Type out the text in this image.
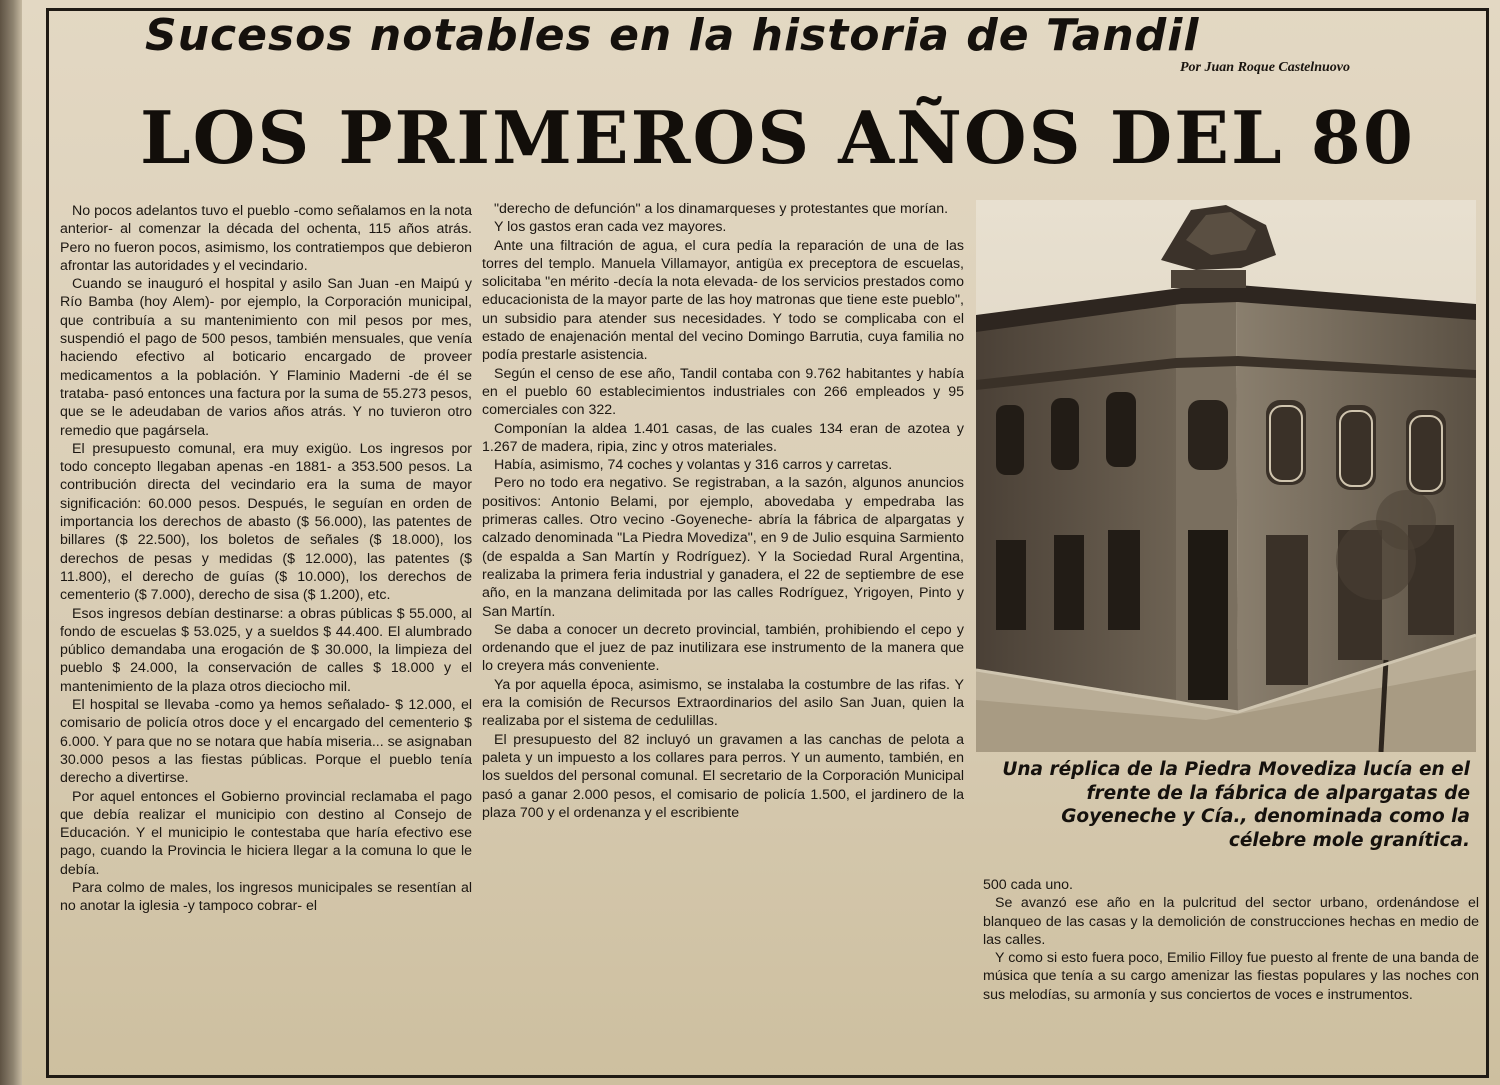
Sucesos notables en la historia de Tandil
Por Juan Roque Castelnuovo
LOS PRIMEROS AÑOS DEL 80

No pocos adelantos tuvo el pueblo -como señalamos en la nota anterior- al comenzar la década del ochenta, 115 años atrás. Pero no fueron pocos, asimismo, los contratiempos que debieron afrontar las autoridades y el vecindario.

Cuando se inauguró el hospital y asilo San Juan -en Maipú y Río Bamba (hoy Alem)- por ejemplo, la Corporación municipal, que contribuía a su mantenimiento con mil pesos por mes, suspendió el pago de 500 pesos, también mensuales, que venía haciendo efectivo al boticario encargado de proveer medicamentos a la población. Y Flaminio Maderni -de él se trataba- pasó entonces una factura por la suma de 55.273 pesos, que se le adeudaban de varios años atrás. Y no tuvieron otro remedio que pagársela.

El presupuesto comunal, era muy exigüo. Los ingresos por todo concepto llegaban apenas -en 1881- a 353.500 pesos. La contribución directa del vecindario era la suma de mayor significación: 60.000 pesos. Después, le seguían en orden de importancia los derechos de abasto ($ 56.000), las patentes de billares ($ 22.500), los boletos de señales ($ 18.000), los derechos de pesas y medidas ($ 12.000), las patentes ($ 11.800), el derecho de guías ($ 10.000), los derechos de cementerio ($ 7.000), derecho de sisa ($ 1.200), etc.

Esos ingresos debían destinarse: a obras públicas $ 55.000, al fondo de escuelas $ 53.025, y a sueldos $ 44.400. El alumbrado público demandaba una erogación de $ 30.000, la limpieza del pueblo $ 24.000, la conservación de calles $ 18.000 y el mantenimiento de la plaza otros dieciocho mil.

El hospital se llevaba -como ya hemos señalado- $ 12.000, el comisario de policía otros doce y el encargado del cementerio $ 6.000. Y para que no se notara que había miseria... se asignaban 30.000 pesos a las fiestas públicas. Porque el pueblo tenía derecho a divertirse.

Por aquel entonces el Gobierno provincial reclamaba el pago que debía realizar el municipio con destino al Consejo de Educación. Y el municipio le contestaba que haría efectivo ese pago, cuando la Provincia le hiciera llegar a la comuna lo que le debía.

Para colmo de males, los ingresos municipales se resentían al no anotar la iglesia -y tampoco cobrar- el

"derecho de defunción" a los dinamarqueses y protestantes que morían.

Y los gastos eran cada vez mayores.

Ante una filtración de agua, el cura pedía la reparación de una de las torres del templo. Manuela Villamayor, antigüa ex preceptora de escuelas, solicitaba "en mérito -decía la nota elevada- de los servicios prestados como educacionista de la mayor parte de las hoy matronas que tiene este pueblo", un subsidio para atender sus necesidades. Y todo se complicaba con el estado de enajenación mental del vecino Domingo Barrutia, cuya familia no podía prestarle asistencia.

Según el censo de ese año, Tandil contaba con 9.762 habitantes y había en el pueblo 60 establecimientos industriales con 266 empleados y 95 comerciales con 322.

Componían la aldea 1.401 casas, de las cuales 134 eran de azotea y 1.267 de madera, ripia, zinc y otros materiales.

Había, asimismo, 74 coches y volantas y 316 carros y carretas.

Pero no todo era negativo. Se registraban, a la sazón, algunos anuncios positivos: Antonio Belami, por ejemplo, abovedaba y empedraba las primeras calles. Otro vecino -Goyeneche- abría la fábrica de alpargatas y calzado denominada "La Piedra Movediza", en 9 de Julio esquina Sarmiento (de espalda a San Martín y Rodríguez). Y la Sociedad Rural Argentina, realizaba la primera feria industrial y ganadera, el 22 de septiembre de ese año, en la manzana delimitada por las calles Rodríguez, Yrigoyen, Pinto y San Martín.

Se daba a conocer un decreto provincial, también, prohibiendo el cepo y ordenando que el juez de paz inutilizara ese instrumento de la manera que lo creyera más conveniente.

Ya por aquella época, asimismo, se instalaba la costumbre de las rifas. Y era la comisión de Recursos Extraordinarios del asilo San Juan, quien la realizaba por el sistema de cedulillas.

El presupuesto del 82 incluyó un gravamen a las canchas de pelota a paleta y un impuesto a los collares para perros. Y un aumento, también, en los sueldos del personal comunal. El secretario de la Corporación Municipal pasó a ganar 2.000 pesos, el comisario de policía 1.500, el jardinero de la plaza 700 y el ordenanza y el escribiente

Una réplica de la Piedra Movediza lucía en el frente de la fábrica de alpargatas de Goyeneche y Cía., denominada como la célebre mole granítica.

500 cada uno.

Se avanzó ese año en la pulcritud del sector urbano, ordenándose el blanqueo de las casas y la demolición de construcciones hechas en medio de las calles.

Y como si esto fuera poco, Emilio Filloy fue puesto al frente de una banda de música que tenía a su cargo amenizar las fiestas populares y las noches con sus melodías, su armonía y sus conciertos de voces e instrumentos.
